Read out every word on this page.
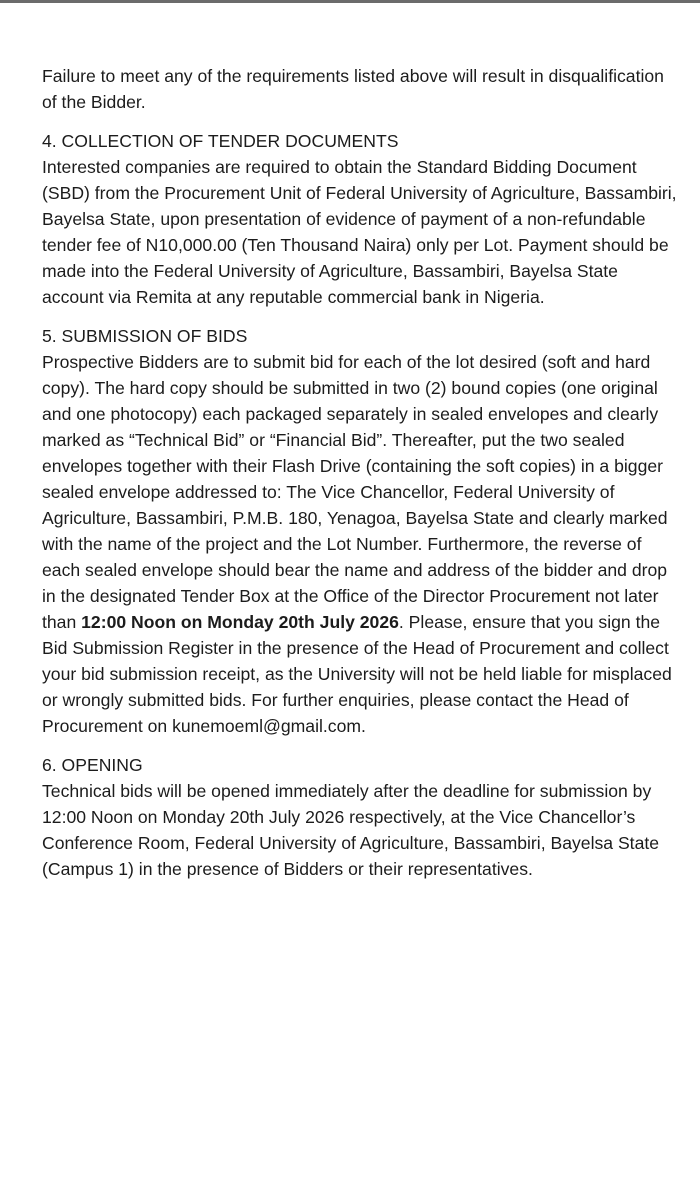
Failure to meet any of the requirements listed above will result in disqualification of the Bidder.

4. COLLECTION OF TENDER DOCUMENTS

Interested companies are required to obtain the Standard Bidding Document (SBD) from the Procurement Unit of Federal University of Agriculture, Bassambiri, Bayelsa State, upon presentation of evidence of payment of a non-refundable tender fee of N10,000.00 (Ten Thousand Naira) only per Lot. Payment should be made into the Federal University of Agriculture, Bassambiri, Bayelsa State account via Remita at any reputable commercial bank in Nigeria.

5. SUBMISSION OF BIDS

Prospective Bidders are to submit bid for each of the lot desired (soft and hard copy). The hard copy should be submitted in two (2) bound copies (one original and one photocopy) each packaged separately in sealed envelopes and clearly marked as “Technical Bid” or “Financial Bid”. Thereafter, put the two sealed envelopes together with their Flash Drive (containing the soft copies) in a bigger sealed envelope addressed to: The Vice Chancellor, Federal University of Agriculture, Bassambiri, P.M.B. 180, Yenagoa, Bayelsa State and clearly marked with the name of the project and the Lot Number. Furthermore, the reverse of each sealed envelope should bear the name and address of the bidder and drop in the designated Tender Box at the Office of the Director Procurement not later than 12:00 Noon on Monday 20th July 2026. Please, ensure that you sign the Bid Submission Register in the presence of the Head of Procurement and collect your bid submission receipt, as the University will not be held liable for misplaced or wrongly submitted bids. For further enquiries, please contact the Head of Procurement on kunemoeml@gmail.com.

6. OPENING

Technical bids will be opened immediately after the deadline for submission by 12:00 Noon on Monday 20th July 2026 respectively, at the Vice Chancellor’s Conference Room, Federal University of Agriculture, Bassambiri, Bayelsa State (Campus 1) in the presence of Bidders or their representatives.
